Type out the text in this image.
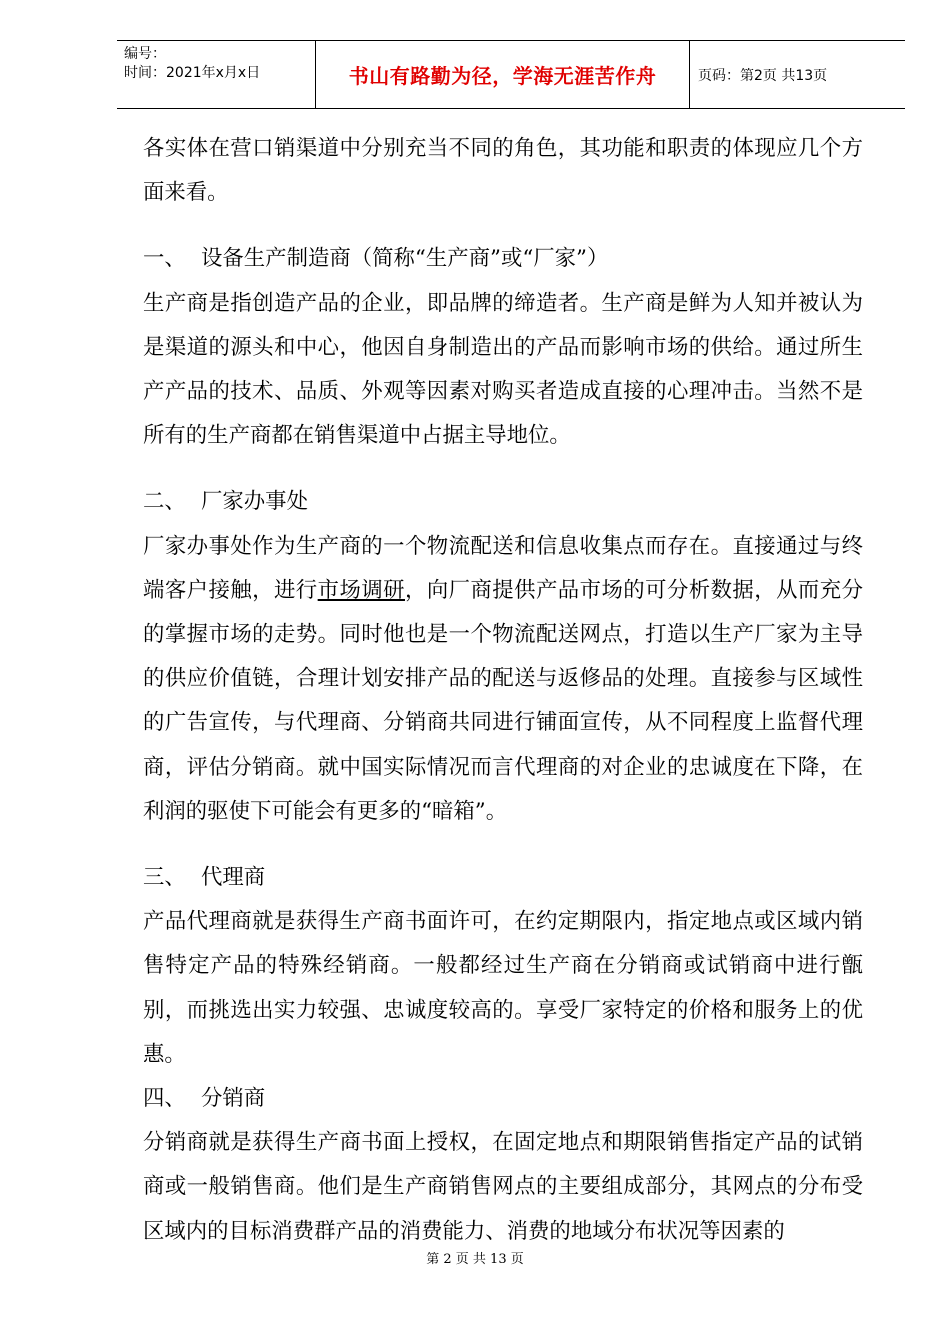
编号：
时间：2021年x月x日	书山有路勤为径，学海无涯苦作舟	页码：第2页 共13页

各实体在营口销渠道中分别充当不同的角色，其功能和职责的体现应几个方面来看。

一、 设备生产制造商（简称“生产商”或“厂家”）

生产商是指创造产品的企业，即品牌的缔造者。生产商是鲜为人知并被认为是渠道的源头和中心，他因自身制造出的产品而影响市场的供给。通过所生产产品的技术、品质、外观等因素对购买者造成直接的心理冲击。当然不是所有的生产商都在销售渠道中占据主导地位。

二、 厂家办事处

厂家办事处作为生产商的一个物流配送和信息收集点而存在。直接通过与终端客户接触，进行市场调研，向厂商提供产品市场的可分析数据，从而充分的掌握市场的走势。同时他也是一个物流配送网点，打造以生产厂家为主导的供应价值链，合理计划安排产品的配送与返修品的处理。直接参与区域性的广告宣传，与代理商、分销商共同进行铺面宣传，从不同程度上监督代理商，评估分销商。就中国实际情况而言代理商的对企业的忠诚度在下降，在利润的驱使下可能会有更多的“暗箱”。

三、 代理商

产品代理商就是获得生产商书面许可，在约定期限内，指定地点或区域内销售特定产品的特殊经销商。一般都经过生产商在分销商或试销商中进行甑别，而挑选出实力较强、忠诚度较高的。享受厂家特定的价格和服务上的优惠。

四、 分销商

分销商就是获得生产商书面上授权，在固定地点和期限销售指定产品的试销商或一般销售商。他们是生产商销售网点的主要组成部分，其网点的分布受区域内的目标消费群产品的消费能力、消费的地域分布状况等因素的

第 2 页 共 13 页
